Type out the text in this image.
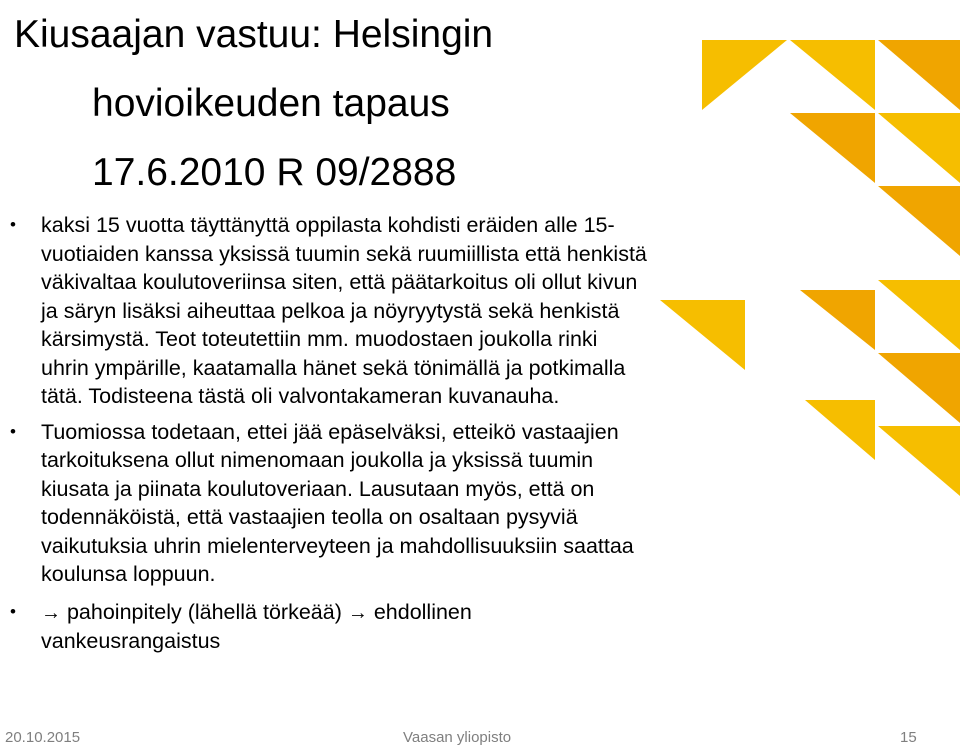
Kiusaajan vastuu: Helsingin
hovioikeuden tapaus
17.6.2010 R 09/2888
• kaksi 15 vuotta täyttänyttä oppilasta kohdisti eräiden alle 15-
vuotiaiden kanssa yksissä tuumin sekä ruumiillista että henkistä
väkivaltaa koulutoveriinsa siten, että päätarkoitus oli ollut kivun
ja säryn lisäksi aiheuttaa pelkoa ja nöyryytystä sekä henkistä
kärsimystä. Teot toteutettiin mm. muodostaen joukolla rinki
uhrin ympärille, kaatamalla hänet sekä tönimällä ja potkimalla
tätä. Todisteena tästä oli valvontakameran kuvanauha.
• Tuomiossa todetaan, ettei jää epäselväksi, etteikö vastaajien
tarkoituksena ollut nimenomaan joukolla ja yksissä tuumin
kiusata ja piinata koulutoveriaan. Lausutaan myös, että on
todennäköistä, että vastaajien teolla on osaltaan pysyviä
vaikutuksia uhrin mielenterveyteen ja mahdollisuuksiin saattaa
koulunsa loppuun.
• → pahoinpitely (lähellä törkeää) → ehdollinen
vankeusrangaistus
20.10.2015	Vaasan yliopisto	15
